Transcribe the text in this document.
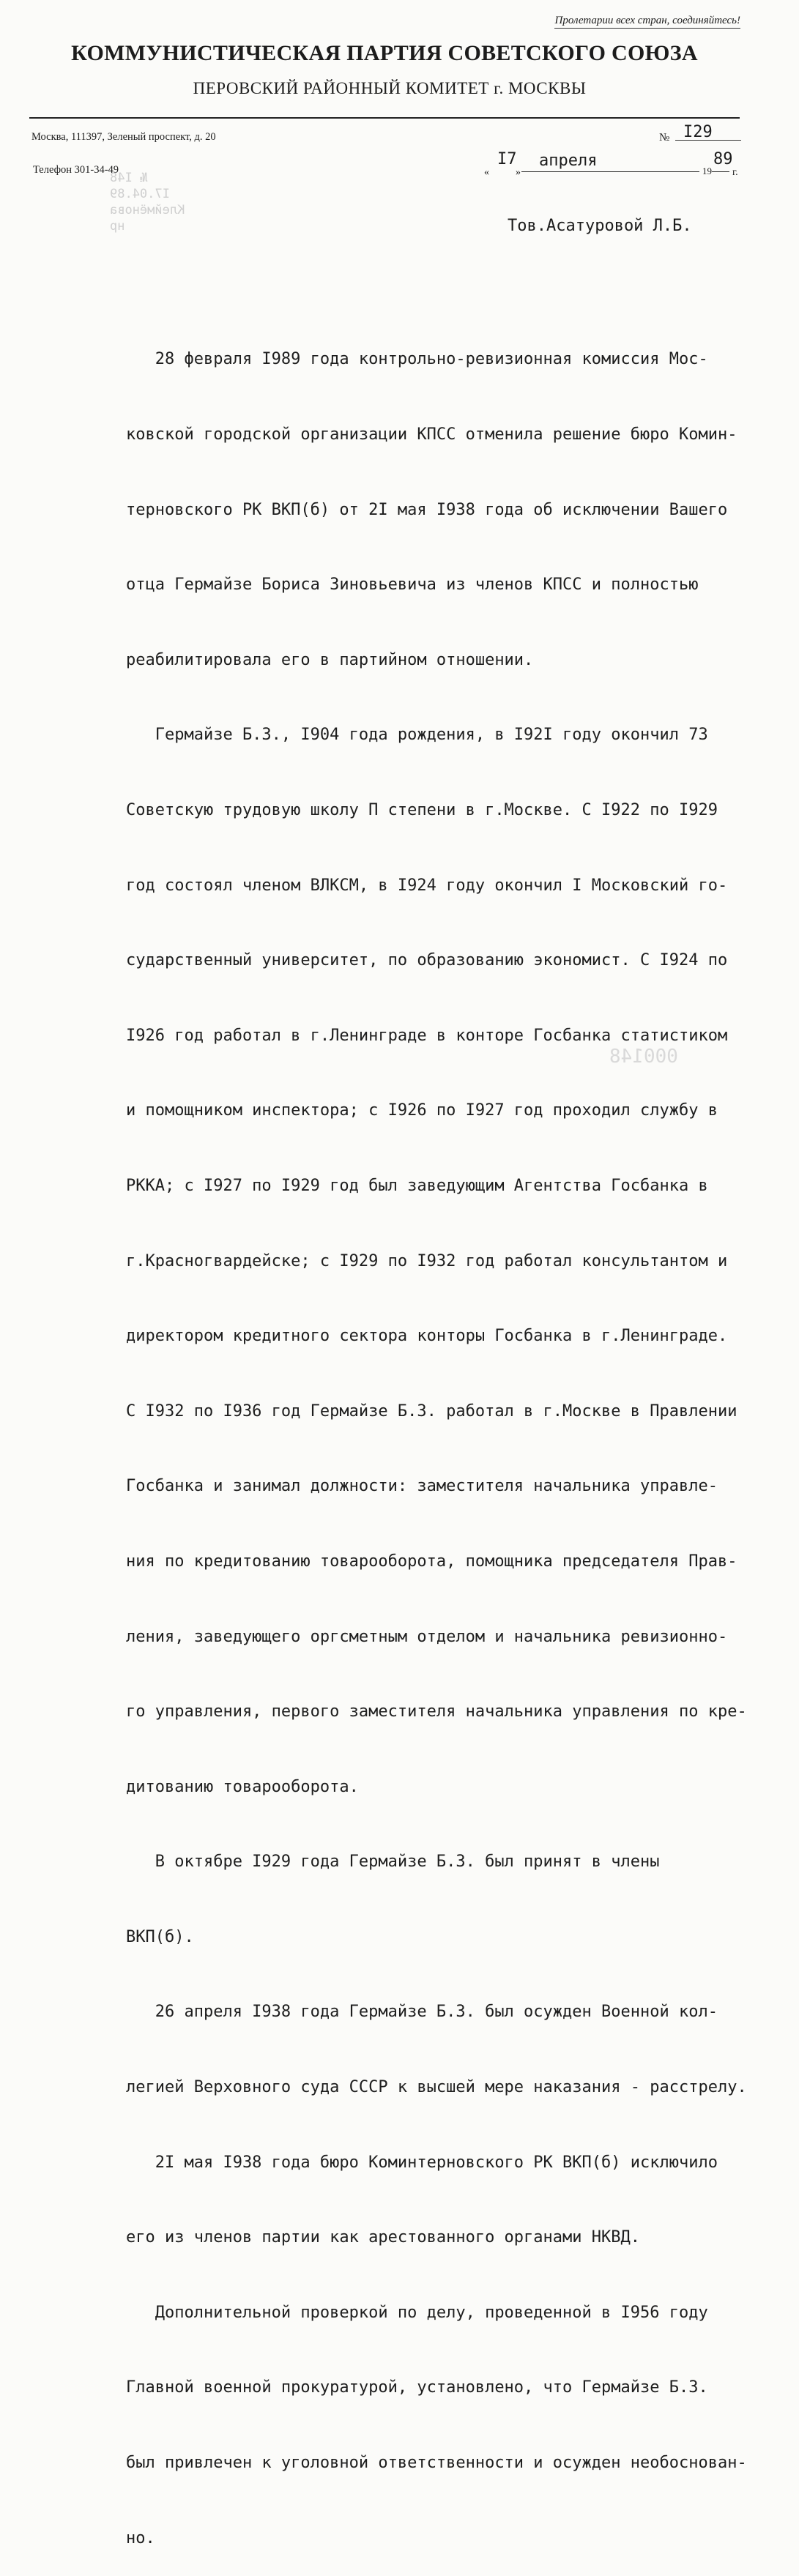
Пролетарии всех стран, соединяйтесь!
КОММУНИСТИЧЕСКАЯ ПАРТИЯ СОВЕТСКОГО СОЮЗА
ПЕРОВСКИЙ РАЙОННЫЙ КОМИТЕТ г. МОСКВЫ
Москва, 111397, Зеленый проспект, д. 20
Телефон 301-34-49
№ I48
I7.04.89
Клеймёнова
нр
№ I29
«
I7
»
апреля
19
89
г.
Тов.Асатуровой Л.Б.

28 февраля I989 года контрольно-ревизионная комиссия Мос-

ковской городской организации КПСС отменила решение бюро Комин-

терновского РК ВКП(б) от 2I мая I938 года об исключении Вашего

отца Гермайзе Бориса Зиновьевича из членов КПСС и полностью

реабилитировала его в партийном отношении.

Гермайзе Б.З., I904 года рождения, в I92I году окончил 73

Советскую трудовую школу П степени в г.Москве. С I922 по I929

год состоял членом ВЛКСМ, в I924 году окончил I Московский го-

сударственный университет, по образованию экономист. С I924 по

I926 год работал в г.Ленинграде в конторе Госбанка статистиком

и помощником инспектора; с I926 по I927 год проходил службу в

РККА; с I927 по I929 год был заведующим Агентства Госбанка в

г.Красногвардейске; с I929 по I932 год работал консультантом и

директором кредитного сектора конторы Госбанка в г.Ленинграде.

С I932 по I936 год Гермайзе Б.З. работал в г.Москве в Правлении

Госбанка и занимал должности: заместителя начальника управле-

ния по кредитованию товарооборота, помощника председателя Прав-

ления, заведующего оргсметным отделом и начальника ревизионно-

го управления, первого заместителя начальника управления по кре-

дитованию товарооборота.

В октябре I929 года Гермайзе Б.З. был принят в члены

ВКП(б).

26 апреля I938 года Гермайзе Б.З. был осужден Военной кол-

легией Верховного суда СССР к высшей мере наказания - расстрелу.

2I мая I938 года бюро Коминтерновского РК ВКП(б) исключило

его из членов партии как арестованного органами НКВД.

Дополнительной проверкой по делу, проведенной в I956 году

Главной военной прокуратурой, установлено, что Гермайзе Б.З.

был привлечен к уголовной ответственности и осужден необоснован-

но.

000148
